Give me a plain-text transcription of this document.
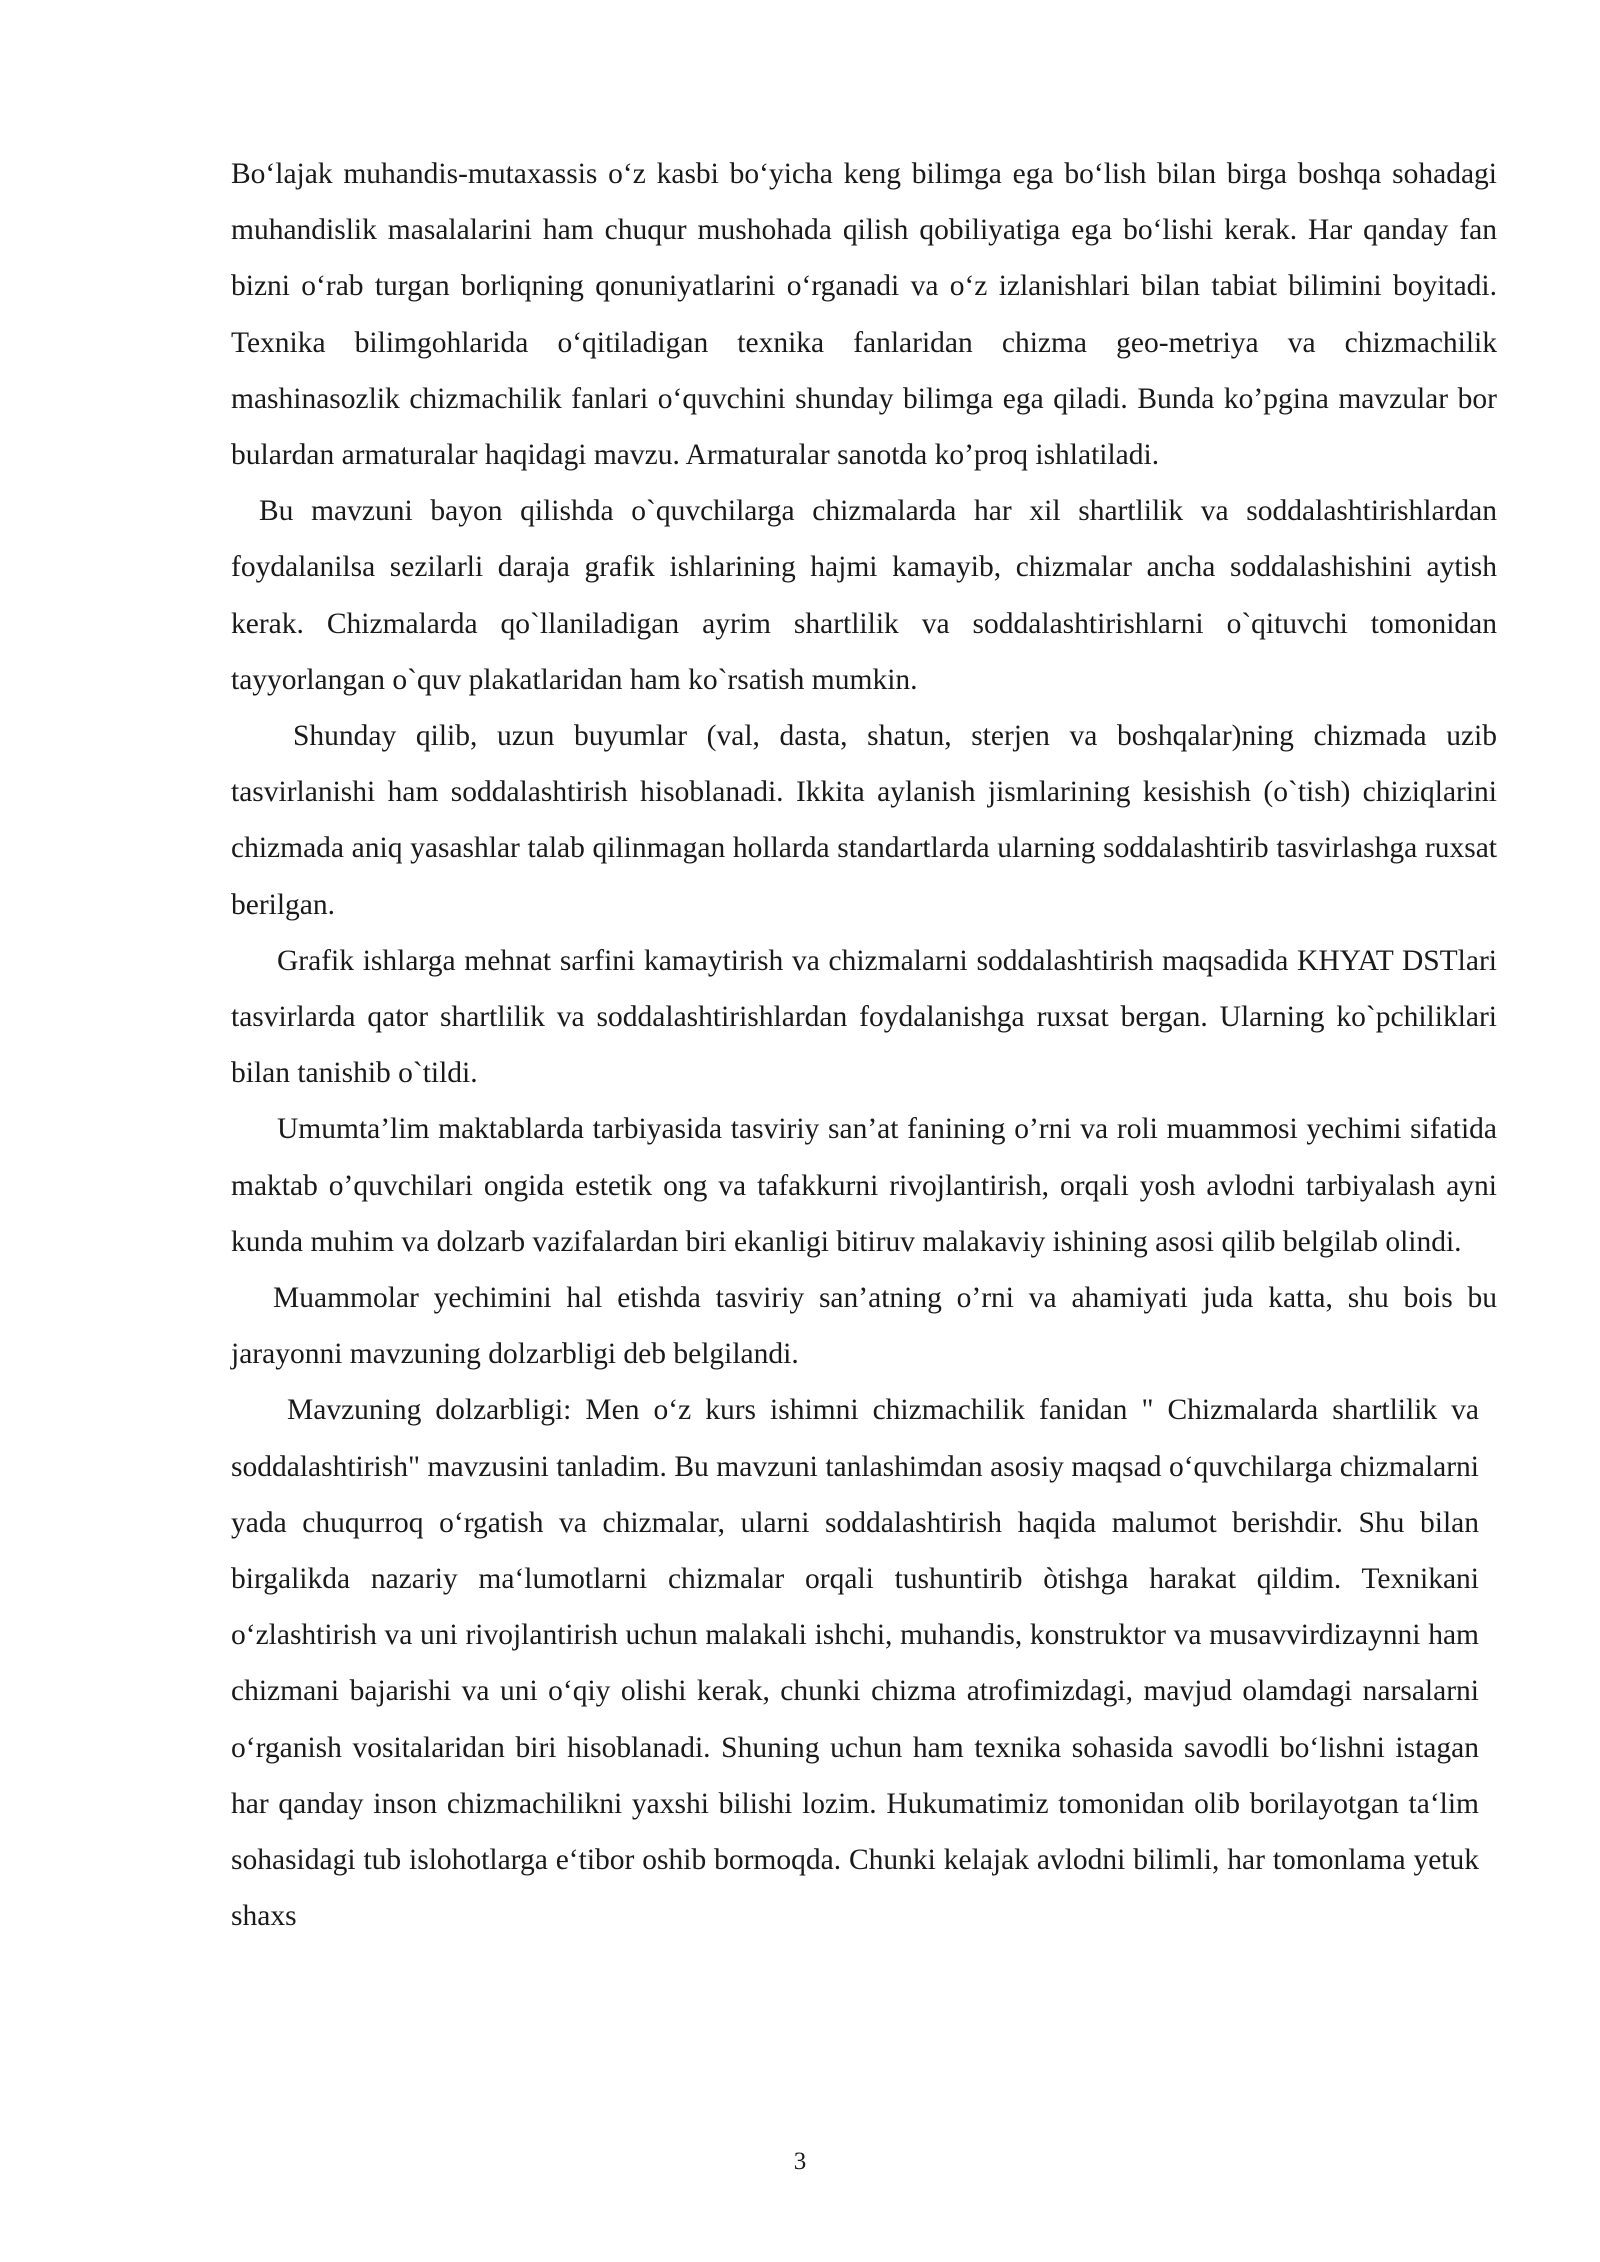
Bo‘lajak muhandis-mutaxassis o‘z kasbi bo‘yicha keng bilimga ega bo‘lish bilan birga boshqa sohadagi muhandislik masalalarini ham chuqur mushohada qilish qobiliyatiga ega bo‘lishi kerak. Har qanday fan bizni o‘rab turgan borliqning qonuniyatlarini o‘rganadi va o‘z izlanishlari bilan tabiat bilimini boyitadi. Texnika bilimgohlarida o‘qitiladigan texnika fanlaridan chizma geo-metriya va chizmachilik mashinasozlik chizmachilik fanlari o‘quvchini shunday bilimga ega qiladi. Bunda ko’pgina mavzular bor bulardan armaturalar haqidagi mavzu. Armaturalar sanotda ko’proq ishlatiladi.

Bu mavzuni bayon qilishda o`quvchilarga chizmalarda har xil shartlilik va soddalashtirishlardan foydalanilsa sezilarli daraja grafik ishlarining hajmi kamayib, chizmalar ancha soddalashishini aytish kerak. Chizmalarda qo`llaniladigan ayrim shartlilik va soddalashtirishlarni o`qituvchi tomonidan tayyorlangan o`quv plakatlaridan ham ko`rsatish mumkin.

Shunday qilib, uzun buyumlar (val, dasta, shatun, sterjen va boshqalar)ning chizmada uzib tasvirlanishi ham soddalashtirish hisoblanadi. Ikkita aylanish jismlarining kesishish (o`tish) chiziqlarini chizmada aniq yasashlar talab qilinmagan hollarda standartlarda ularning soddalashtirib tasvirlashga ruxsat berilgan.

Grafik ishlarga mehnat sarfini kamaytirish va chizmalarni soddalashtirish maqsadida KHYAT DSTlari tasvirlarda qator shartlilik va soddalashtirishlardan foydalanishga ruxsat bergan. Ularning ko`pchiliklari bilan tanishib o`tildi.

Umumta’lim maktablarda tarbiyasida tasviriy san’at fanining o’rni va roli muammosi yechimi sifatida maktab o’quvchilari ongida estetik ong va tafakkurni rivojlantirish, orqali yosh avlodni tarbiyalash ayni kunda muhim va dolzarb vazifalardan biri ekanligi bitiruv malakaviy ishining asosi qilib belgilab olindi.

Muammolar yechimini hal etishda tasviriy san’atning o’rni va ahamiyati juda katta, shu bois bu jarayonni mavzuning dolzarbligi deb belgilandi.

Mavzuning dolzarbligi: Men o‘z kurs ishimni chizmachilik fanidan " Chizmalarda shartlilik va soddalashtirish" mavzusini tanladim. Bu mavzuni tanlashimdan asosiy maqsad o‘quvchilarga chizmalarni yada chuqurroq o‘rgatish va chizmalar, ularni soddalashtirish haqida malumot berishdir. Shu bilan birgalikda nazariy ma‘lumotlarni chizmalar orqali tushuntirib òtishga harakat qildim. Texnikani o‘zlashtirish va uni rivojlantirish uchun malakali ishchi, muhandis, konstruktor va musavvirdizaynni ham chizmani bajarishi va uni o‘qiy olishi kerak, chunki chizma atrofimizdagi, mavjud olamdagi narsalarni o‘rganish vositalaridan biri hisoblanadi. Shuning uchun ham texnika sohasida savodli bo‘lishni istagan har qanday inson chizmachilikni yaxshi bilishi lozim. Hukumatimiz tomonidan olib borilayotgan ta‘lim sohasidagi tub islohotlarga e‘tibor oshib bormoqda. Chunki kelajak avlodni bilimli, har tomonlama yetuk shaxs

3
